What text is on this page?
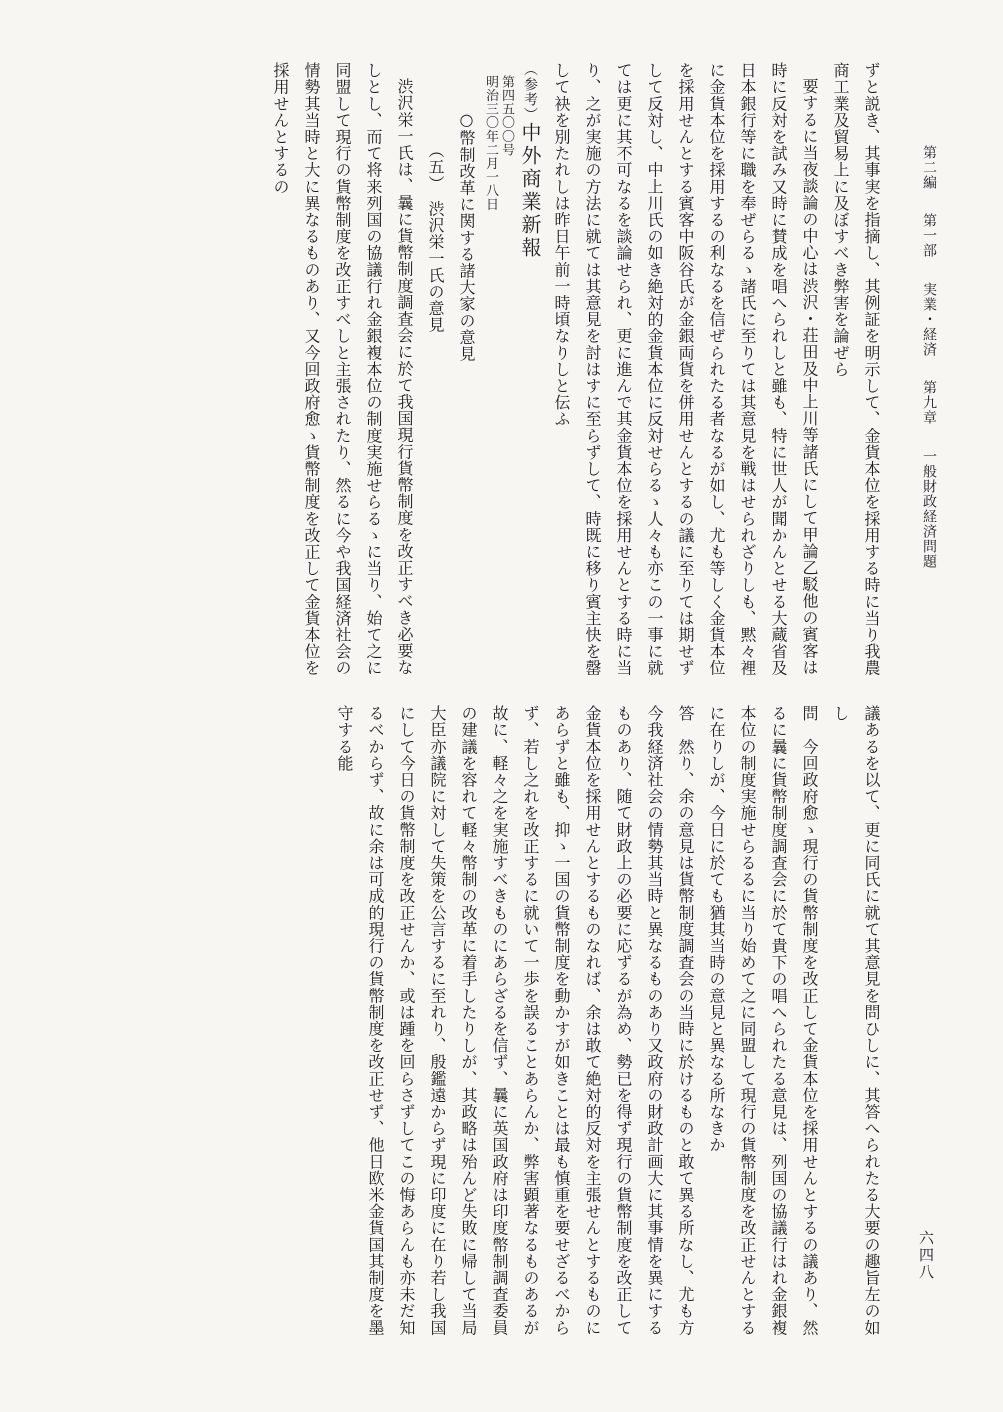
第二編 第一部 実業・経済 第九章 一般財政経済問題
六四八

ずと説き、其事実を指摘し、其例証を明示して、金貨本位を採用する時に当り我農商工業及貿易上に及ぼすべき弊害を論ぜら

要するに当夜談論の中心は渋沢・荘田及中上川等諸氏にして甲論乙駁他の賓客は時に反対を試み又時に賛成を唱へられしと雖も、特に世人が聞かんとせる大蔵省及日本銀行等に職を奉ぜらるゝ諸氏に至りては其意見を戦はせられざりしも、黙々裡に金貨本位を採用するの利なるを信ぜられたる者なるが如し、尤も等しく金貨本位を採用せんとする賓客中阪谷氏が金銀両貨を併用せんとするの議に至りては期せずして反対し、中上川氏の如き絶対的金貨本位に反対せらるゝ人々も亦この一事に就ては更に其不可なるを談論せられ、更に進んで其金貨本位を採用せんとする時に当り、之が実施の方法に就ては其意見を討はすに至らずして、時既に移り賓主快を罄して袂を別たれしは昨日午前一時頃なりしと伝ふ

（参考）中外商業新報

第四五〇〇号
明治三〇年二月一八日

○幣制改革に関する諸大家の意見

（五）　渋沢栄一氏の意見

渋沢栄一氏は、曩に貨幣制度調査会に於て我国現行貨幣制度を改正すべき必要なしとし、而て将来列国の協議行れ金銀複本位の制度実施せらるゝに当り、始て之に同盟して現行の貨幣制度を改正すべしと主張されたり、然るに今や我国経済社会の情勢其当時と大に異なるものあり、又今回政府愈ゝ貨幣制度を改正して金貨本位を採用せんとするの

議あるを以て、更に同氏に就て其意見を問ひしに、其答へられたる大要の趣旨左の如し

問　今回政府愈ゝ現行の貨幣制度を改正して金貨本位を採用せんとするの議あり、然るに曩に貨幣制度調査会に於て貴下の唱へられたる意見は、列国の協議行はれ金銀複本位の制度実施せらるるに当り始めて之に同盟して現行の貨幣制度を改正せんとするに在りしが、今日に於ても猶其当時の意見と異なる所なきか

答　然り、余の意見は貨幣制度調査会の当時に於けるものと敢て異る所なし、尤も方今我経済社会の情勢其当時と異なるものあり又政府の財政計画大に其事情を異にするものあり、随て財政上の必要に応ずるが為め、勢已を得ず現行の貨幣制度を改正して金貨本位を採用せんとするものなれば、余は敢て絶対的反対を主張せんとするものにあらずと雖も、抑ゝ一国の貨幣制度を動かすが如きことは最も慎重を要せざるべからず、若し之れを改正するに就いて一歩を誤ることあらんか、弊害顕著なるものあるが故に、軽々之を実施すべきものにあらざるを信ず、曩に英国政府は印度幣制調査委員の建議を容れて軽々幣制の改革に着手したりしが、其政略は殆んど失敗に帰して当局大臣亦議院に対して失策を公言するに至れり、殷鑑遠からず現に印度に在り若し我国にして今日の貨幣制度を改正せんか、或は踵を回らさずしてこの悔あらんも亦未だ知るべからず、故に余は可成的現行の貨幣制度を改正せず、他日欧米金貨国其制度を墨守する能
